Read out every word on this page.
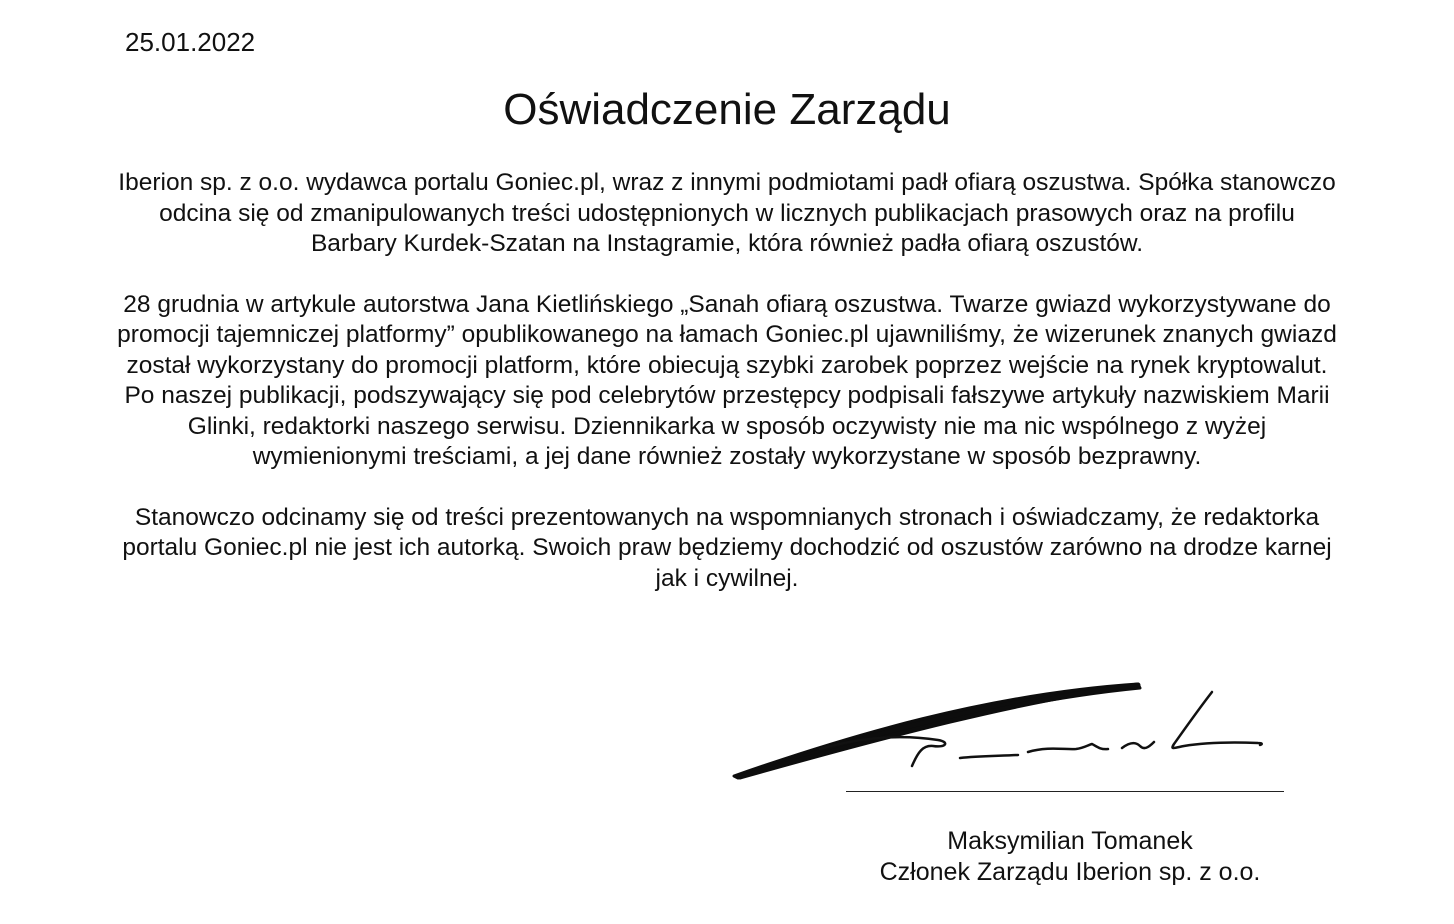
25.01.2022
Oświadczenie Zarządu

Iberion sp. z o.o. wydawca portalu Goniec.pl, wraz z innymi podmiotami padł ofiarą oszustwa. Spółka stanowczo odcina się od zmanipulowanych treści udostępnionych w licznych publikacjach prasowych oraz na profilu Barbary Kurdek-Szatan na Instagramie, która również padła ofiarą oszustów.

28 grudnia w artykule autorstwa Jana Kietlińskiego „Sanah ofiarą oszustwa. Twarze gwiazd wykorzystywane do promocji tajemniczej platformy” opublikowanego na łamach Goniec.pl ujawniliśmy, że wizerunek znanych gwiazd został wykorzystany do promocji platform, które obiecują szybki zarobek poprzez wejście na rynek kryptowalut. Po naszej publikacji, podszywający się pod celebrytów przestępcy podpisali fałszywe artykuły nazwiskiem Marii Glinki, redaktorki naszego serwisu. Dziennikarka w sposób oczywisty nie ma nic wspólnego z wyżej wymienionymi treściami, a jej dane również zostały wykorzystane w sposób bezprawny.

Stanowczo odcinamy się od treści prezentowanych na wspomnianych stronach i oświadczamy, że redaktorka portalu Goniec.pl nie jest ich autorką. Swoich praw będziemy dochodzić od oszustów zarówno na drodze karnej jak i cywilnej.

Maksymilian Tomanek
Członek Zarządu Iberion sp. z o.o.
